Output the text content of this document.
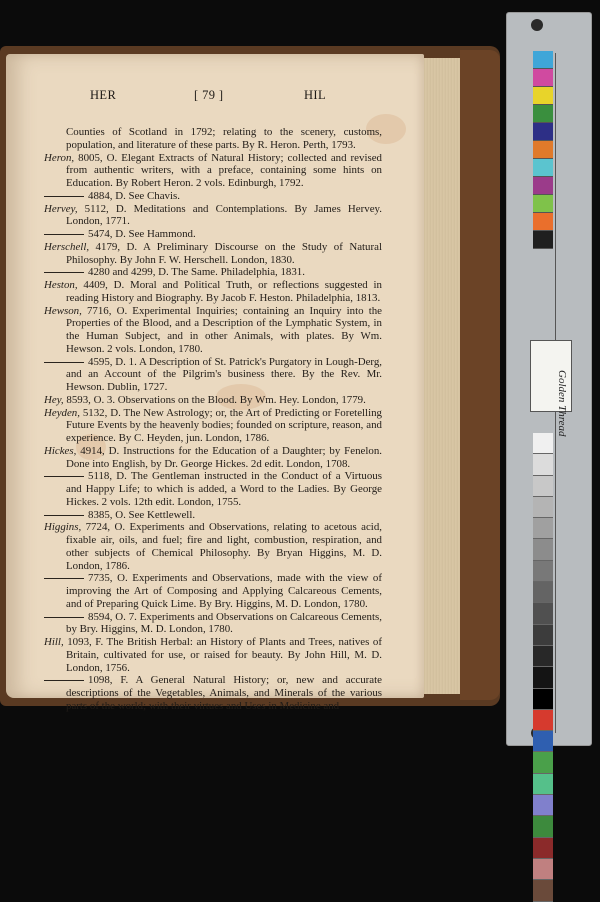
HER	[ 79 ]	HIL
Counties of Scotland in 1792; relating to the scenery, customs, population, and literature of these parts. By R. Heron. Perth, 1793.
Heron, 8005, O. Elegant Extracts of Natural History; collected and revised from authentic writers, with a preface, containing some hints on Education. By Robert Heron. 2 vols. Edinburgh, 1792.
4884, D. See Chavis.
Hervey, 5112, D. Meditations and Contemplations. By James Hervey. London, 1771.
5474, D. See Hammond.
Herschell, 4179, D. A Preliminary Discourse on the Study of Natural Philosophy. By John F. W. Herschell. London, 1830.
4280 and 4299, D. The Same. Philadelphia, 1831.
Heston, 4409, D. Moral and Political Truth, or reflections suggested in reading History and Biography. By Jacob F. Heston. Philadelphia, 1813.
Hewson, 7716, O. Experimental Inquiries; containing an Inquiry into the Properties of the Blood, and a Description of the Lymphatic System, in the Human Subject, and in other Animals, with plates. By Wm. Hewson. 2 vols. London, 1780.
4595, D. 1. A Description of St. Patrick's Purgatory in Lough-Derg, and an Account of the Pilgrim's business there. By the Rev. Mr. Hewson. Dublin, 1727.
Hey, 8593, O. 3. Observations on the Blood. By Wm. Hey. London, 1779.
Heyden, 5132, D. The New Astrology; or, the Art of Predicting or Foretelling Future Events by the heavenly bodies; founded on scripture, reason, and experience. By C. Heyden, jun. London, 1786.
Hickes, 4914, D. Instructions for the Education of a Daughter; by Fenelon. Done into English, by Dr. George Hickes. 2d edit. London, 1708.
5118, D. The Gentleman instructed in the Conduct of a Virtuous and Happy Life; to which is added, a Word to the Ladies. By George Hickes. 2 vols. 12th edit. London, 1755.
8385, O. See Kettlewell.
Higgins, 7724, O. Experiments and Observations, relating to acetous acid, fixable air, oils, and fuel; fire and light, combustion, respiration, and other subjects of Chemical Philosophy. By Bryan Higgins, M. D. London, 1786.
7735, O. Experiments and Observations, made with the view of improving the Art of Composing and Applying Calcareous Cements, and of Preparing Quick Lime. By Bry. Higgins, M. D. London, 1780.
8594, O. 7. Experiments and Observations on Calcareous Cements, by Bry. Higgins, M. D. London, 1780.
Hill, 1093, F. The British Herbal: an History of Plants and Trees, natives of Britain, cultivated for use, or raised for beauty. By John Hill, M. D. London, 1756.
1098, F. A General Natural History; or, new and accurate descriptions of the Vegetables, Animals, and Minerals of the various parts of the world; with their virtues and Uses in Medicine and
Golden Thread
